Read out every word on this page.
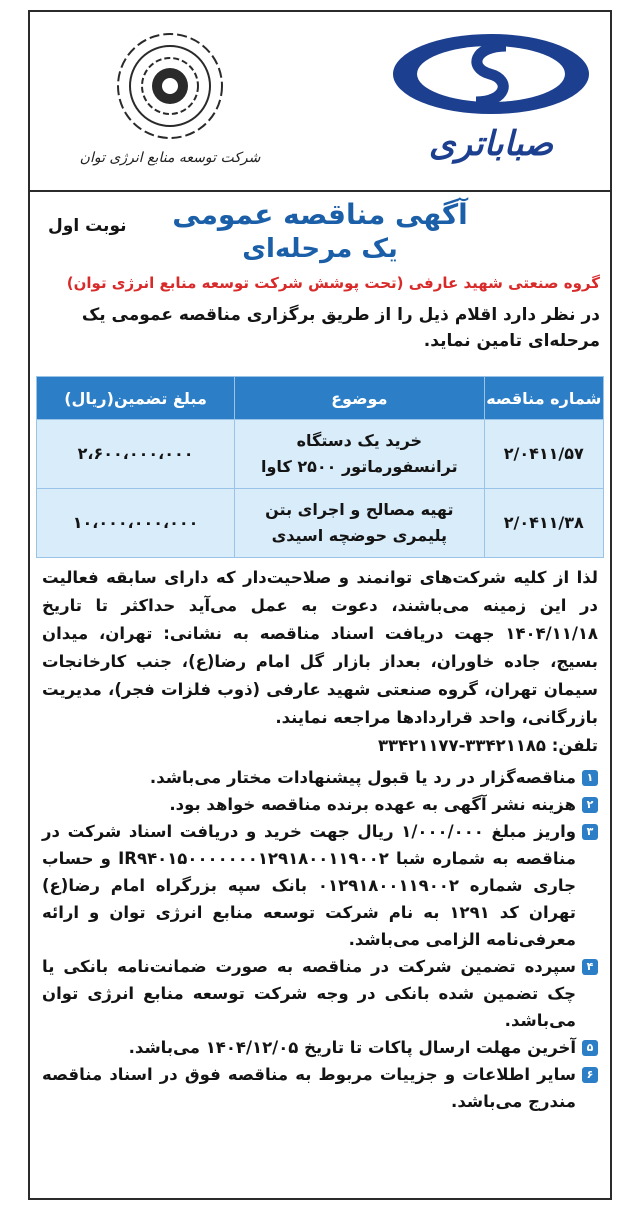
شرکت توسعه منابع انرژی توان	صباباتری
آگهی مناقصه عمومی
یک مرحله‌ای
نوبت اول
گروه صنعتی شهید عارفی (تحت پوشش شرکت توسعه منابع انرژی توان)
در نظر دارد اقلام ذیل را از طریق برگزاری مناقصه عمومی یک مرحله‌ای تامین نماید.
شماره مناقصه	موضوع	مبلغ تضمین(ریال)
۲/۰۴۱۱/۵۷	خرید یک دستگاه ترانسفورماتور ۲۵۰۰ کاوا	۲،۶۰۰،۰۰۰،۰۰۰
۲/۰۴۱۱/۳۸	تهیه مصالح و اجرای بتن پلیمری حوضچه اسیدی	۱۰،۰۰۰،۰۰۰،۰۰۰

لذا از کلیه شرکت‌های توانمند و صلاحیت‌دار که دارای سابقه فعالیت در این زمینه می‌باشند، دعوت به عمل می‌آید حداکثر تا تاریخ ۱۴۰۴/۱۱/۱۸ جهت دریافت اسناد مناقصه به نشانی: تهران، میدان بسیج، جاده خاوران، بعداز بازار گل امام رضا(ع)، جنب کارخانجات سیمان تهران، گروه صنعتی شهید عارفی (ذوب فلزات فجر)، مدیریت بازرگانی، واحد قراردادها مراجعه نمایند.

تلفن: ۳۳۴۲۱۱۸۵-۳۳۴۲۱۱۷۷

۱
مناقصه‌گزار در رد یا قبول پیشنهادات مختار می‌باشد.
۲
هزینه نشر آگهی به عهده برنده مناقصه خواهد بود.
۳
واریز مبلغ ۱/۰۰۰/۰۰۰ ریال جهت خرید و دریافت اسناد شرکت در مناقصه به شماره شبا IR۹۴۰۱۵۰۰۰۰۰۰۰۱۲۹۱۸۰۰۱۱۹۰۰۲ و حساب جاری شماره ۰۱۲۹۱۸۰۰۱۱۹۰۰۲ بانک سپه بزرگراه امام رضا(ع) تهران کد ۱۲۹۱ به نام شرکت توسعه منابع انرژی توان و ارائه معرفی‌نامه الزامی می‌باشد.
۴
سپرده تضمین شرکت در مناقصه به صورت ضمانت‌نامه بانکی یا چک تضمین شده بانکی در وجه شرکت توسعه منابع انرژی توان می‌باشد.
۵
آخرین مهلت ارسال پاکات تا تاریخ ۱۴۰۴/۱۲/۰۵ می‌باشد.
۶
سایر اطلاعات و جزییات مربوط به مناقصه فوق در اسناد مناقصه مندرج می‌باشد.
